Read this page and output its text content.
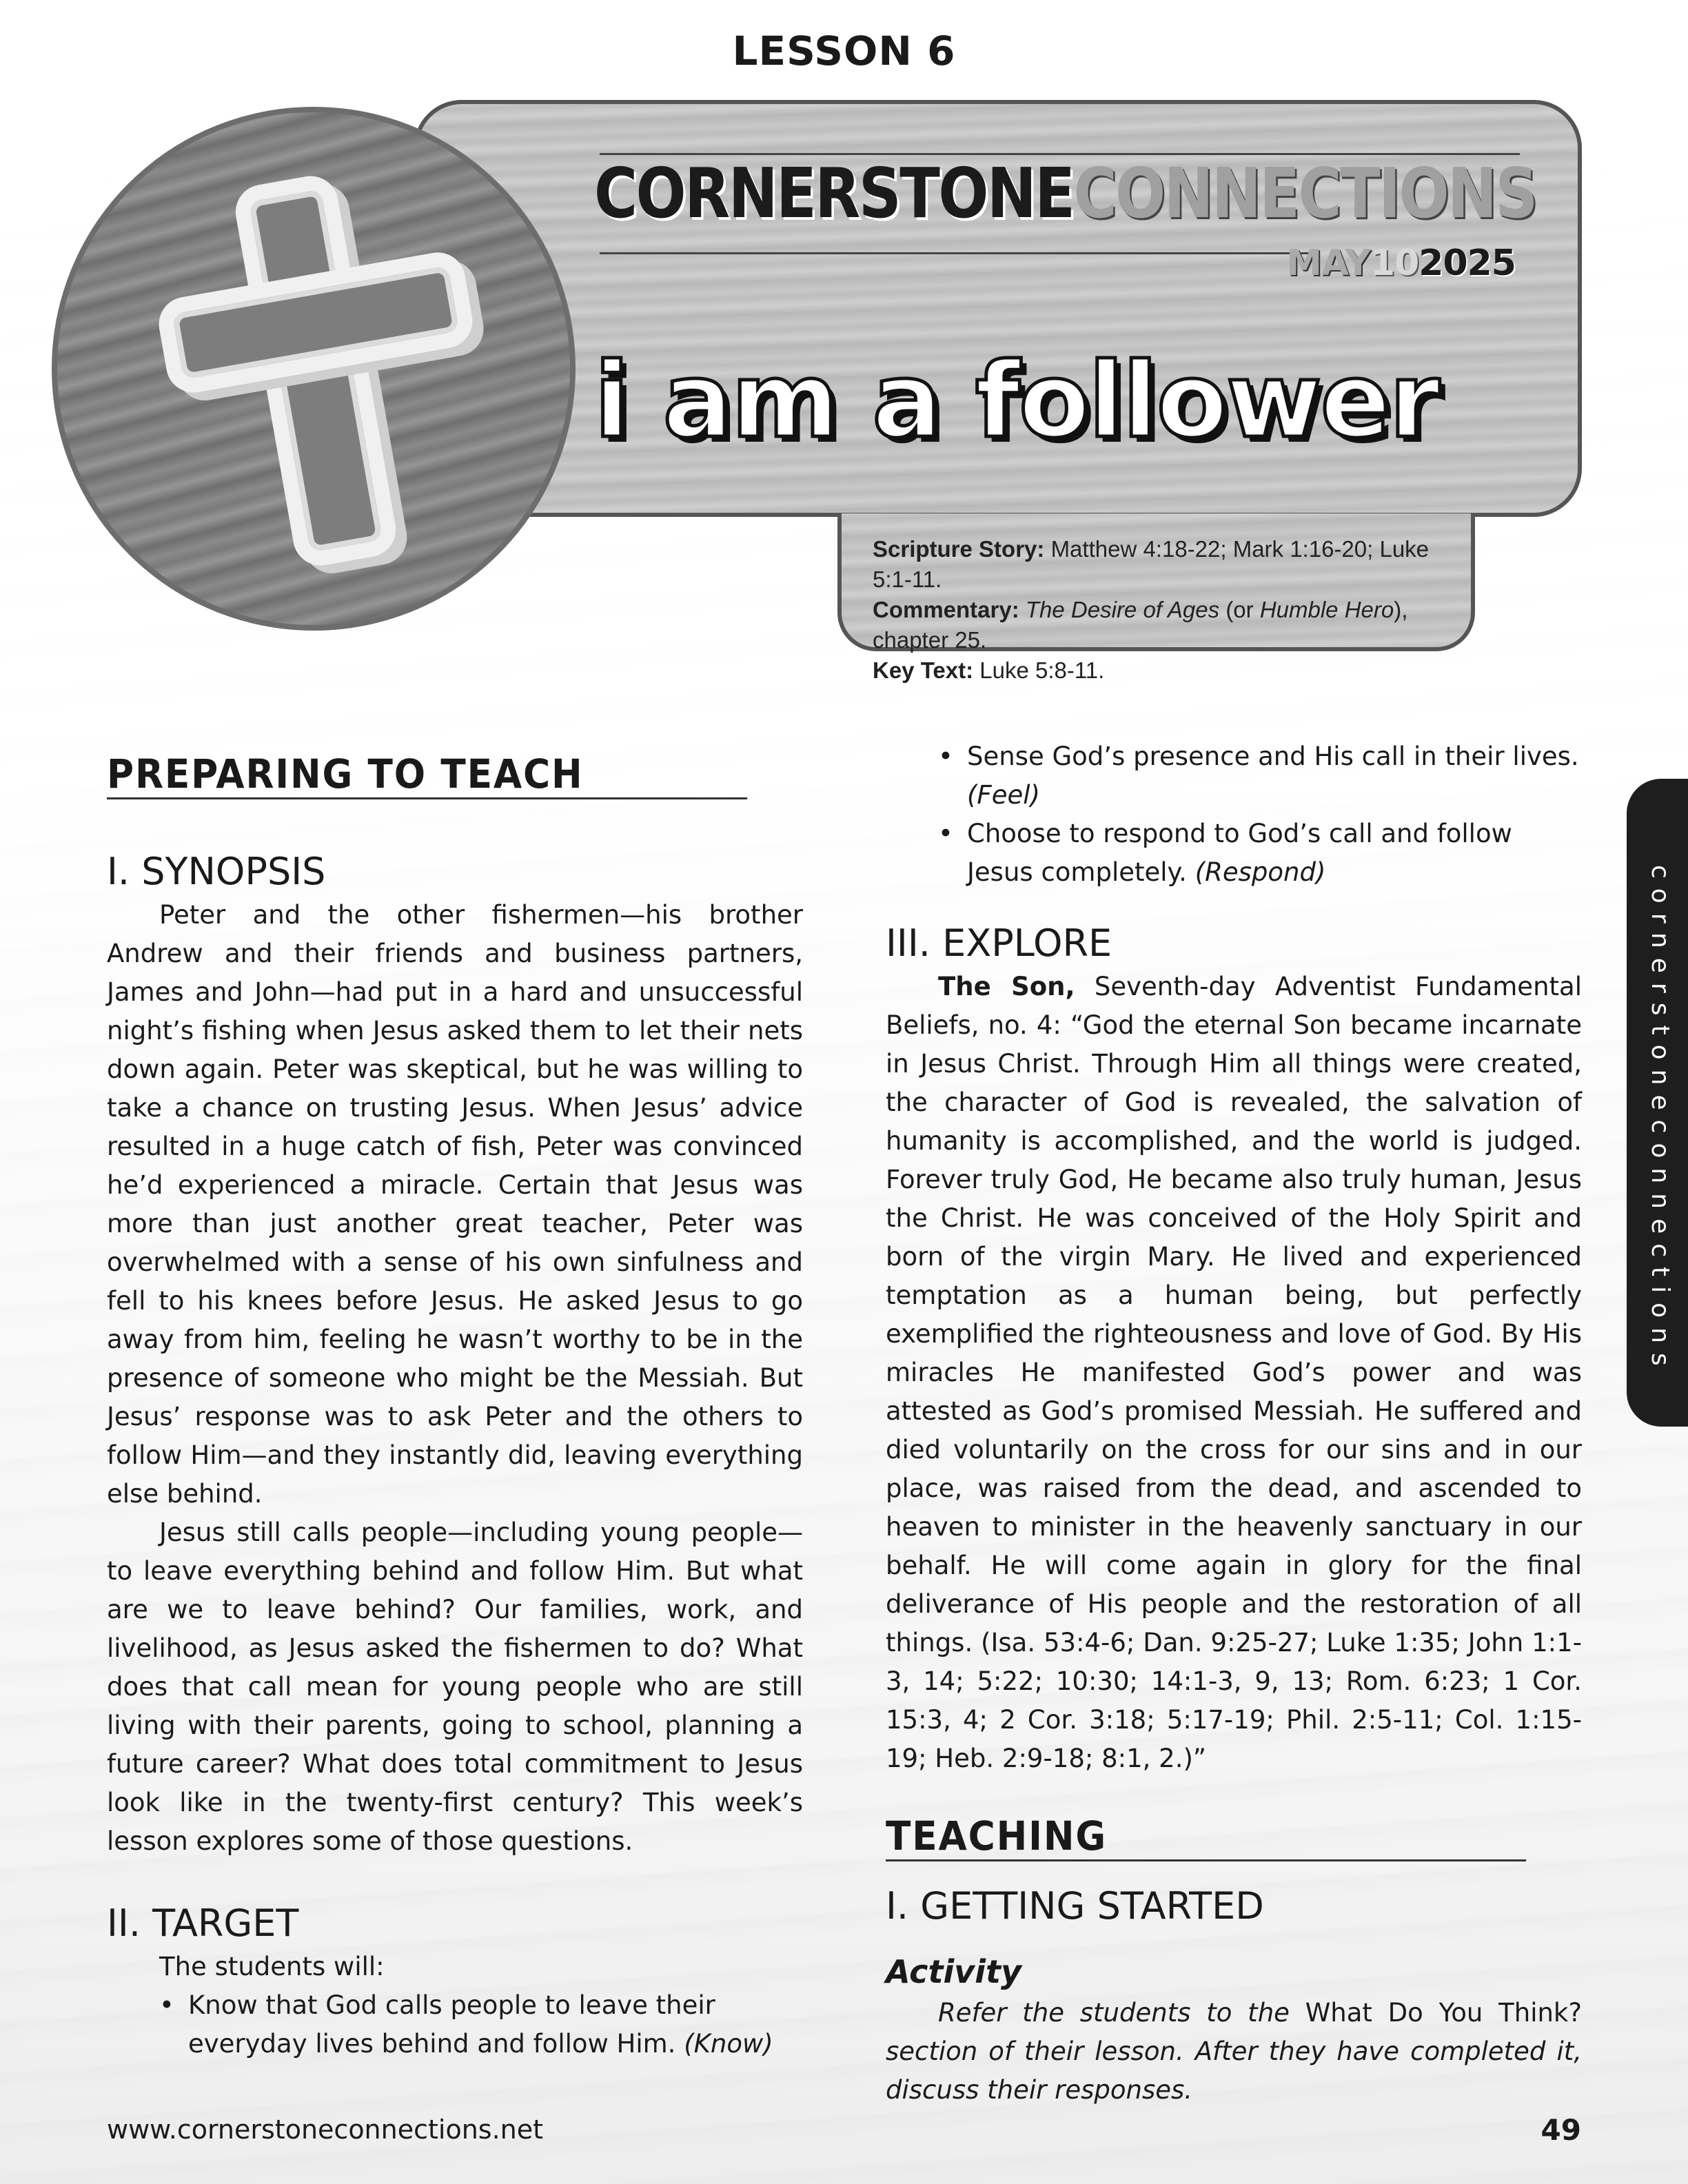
LESSON 6
Scripture Story: Matthew 4:18-22; Mark 1:16-20; Luke 5:1-11.
Commentary: The Desire of Ages (or Humble Hero), chapter 25.
Key Text: Luke 5:8-11.
CORNERSTONECONNECTIONS
MAY102025
i am a follower
cornerstoneconnections
PREPARING TO TEACH
I. SYNOPSIS

Peter and the other fishermen—his brother Andrew and their friends and business partners, James and John—had put in a hard and unsuccessful night’s fishing when Jesus asked them to let their nets down again. Peter was skeptical, but he was willing to take a chance on trusting Jesus. When Jesus’ advice resulted in a huge catch of fish, Peter was convinced he’d experienced a miracle. Certain that Jesus was more than just another great teacher, Peter was overwhelmed with a sense of his own sinfulness and fell to his knees before Jesus. He asked Jesus to go away from him, feeling he wasn’t worthy to be in the presence of someone who might be the Messiah. But Jesus’ response was to ask Peter and the others to follow Him—and they instantly did, leaving everything else behind.

Jesus still calls people—including young people—to leave everything behind and follow Him. But what are we to leave behind? Our families, work, and livelihood, as Jesus asked the fishermen to do? What does that call mean for young people who are still living with their parents, going to school, planning a future career? What does total commitment to Jesus look like in the twenty-first century? This week’s lesson explores some of those questions.

II. TARGET

The students will:

• Know that God calls people to leave their everyday lives behind and follow Him. (Know)
• Sense God’s presence and His call in their lives. (Feel)
• Choose to respond to God’s call and follow Jesus completely. (Respond)
III. EXPLORE

The Son, Seventh-day Adventist Fundamental Beliefs, no. 4: “God the eternal Son became incarnate in Jesus Christ. Through Him all things were created, the character of God is revealed, the salvation of humanity is accomplished, and the world is judged. Forever truly God, He became also truly human, Jesus the Christ. He was conceived of the Holy Spirit and born of the virgin Mary. He lived and experienced temptation as a human being, but perfectly exemplified the righteousness and love of God. By His miracles He manifested God’s power and was attested as God’s promised Messiah. He suffered and died voluntarily on the cross for our sins and in our place, was raised from the dead, and ascended to heaven to minister in the heavenly sanctuary in our behalf. He will come again in glory for the final deliverance of His people and the restoration of all things. (Isa. 53:4-6; Dan. 9:25-27; Luke 1:35; John 1:1-3, 14; 5:22; 10:30; 14:1-3, 9, 13; Rom. 6:23; 1 Cor. 15:3, 4; 2 Cor. 3:18; 5:17-19; Phil. 2:5-11; Col. 1:15-19; Heb. 2:9-18; 8:1, 2.)”

TEACHING
I. GETTING STARTED

Activity

Refer the students to the What Do You Think? section of their lesson. After they have completed it, discuss their responses.

www.cornerstoneconnections.net	49
